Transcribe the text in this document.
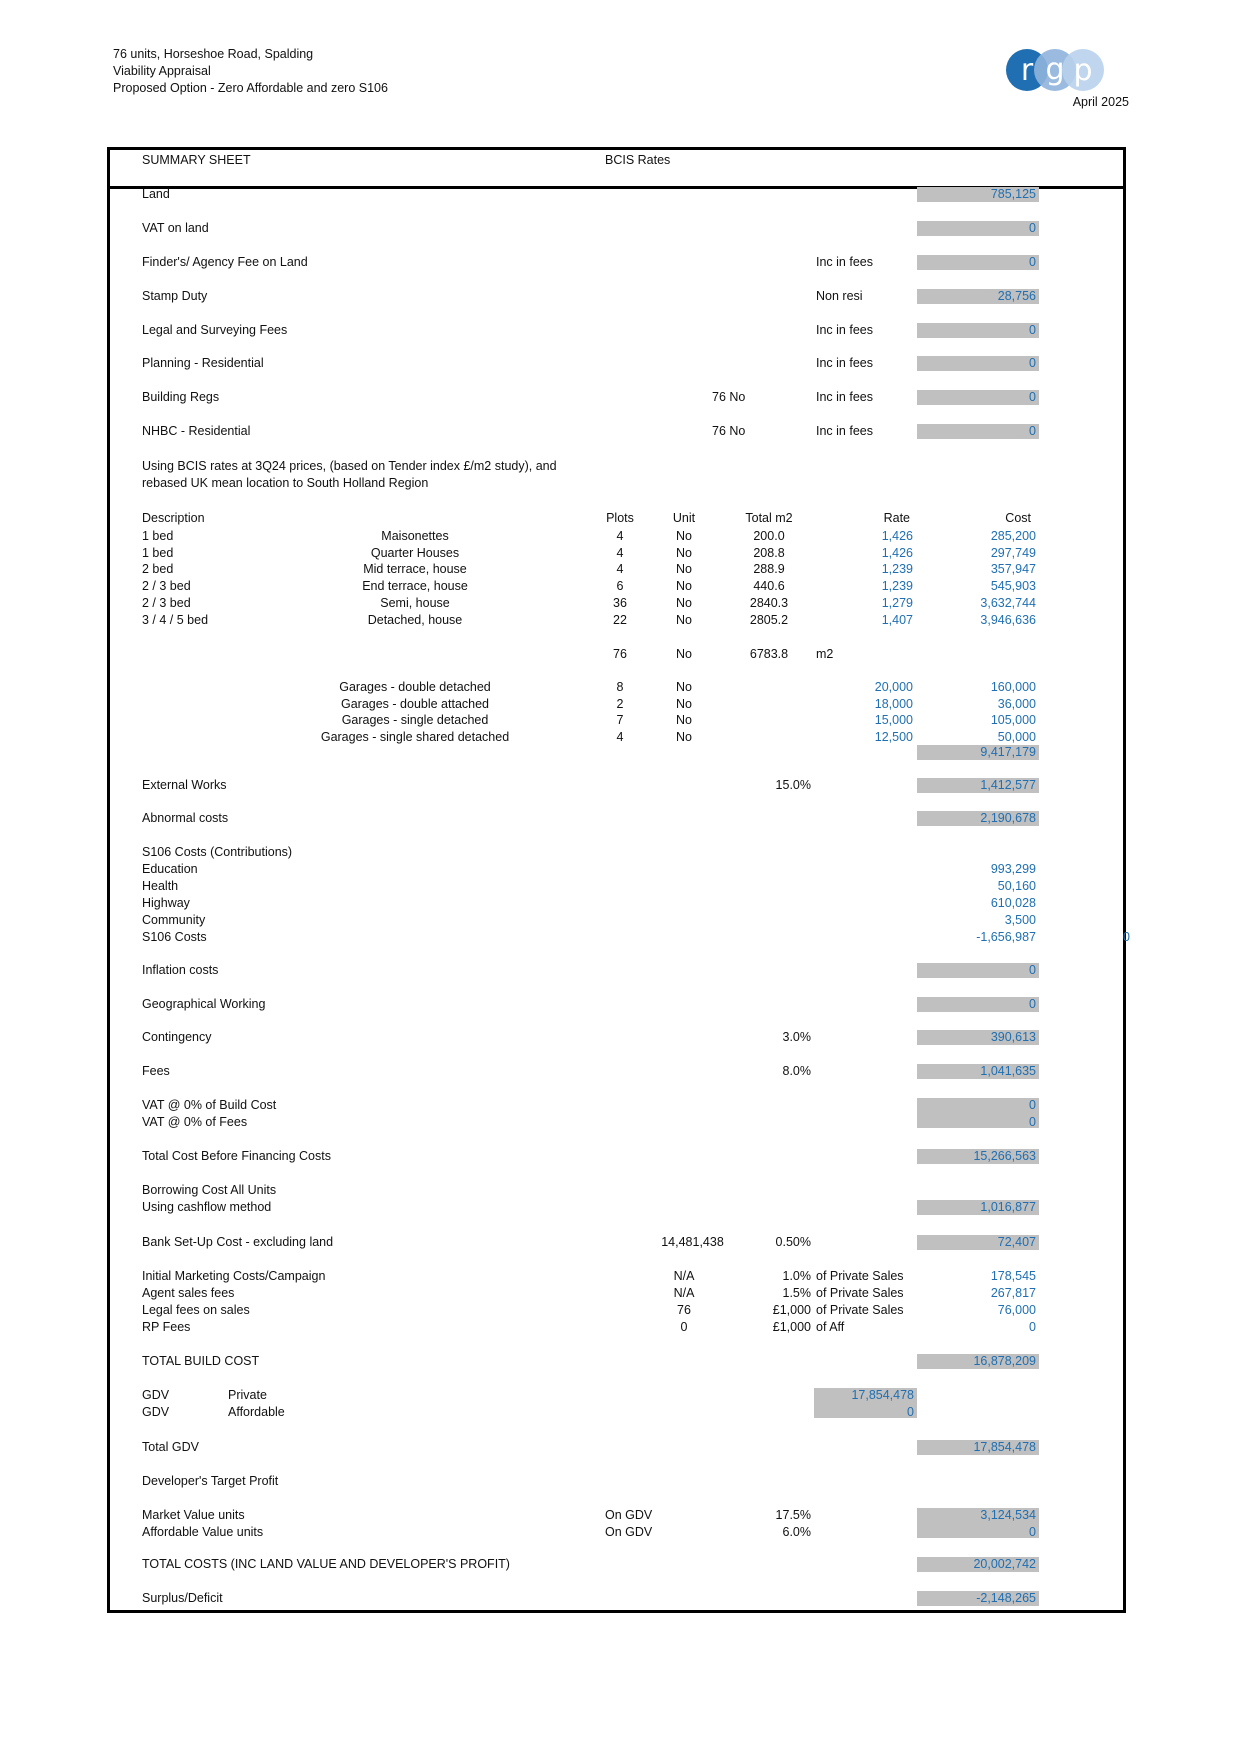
76 units, Horseshoe Road, Spalding
Viability Appraisal
Proposed Option - Zero Affordable and zero S106	r g p
April 2025
SUMMARY SHEET	BCIS Rates
Land	785,125
VAT on land	0
Finder's/ Agency Fee on Land	Inc in fees	0
Stamp Duty	Non resi	28,756
Legal and Surveying Fees	Inc in fees	0
Planning - Residential	Inc in fees	0
Building Regs	76 No	Inc in fees	0
NHBC - Residential	76 No	Inc in fees	0
Using BCIS rates at 3Q24 prices, (based on Tender index £/m2 study), and
rebased UK mean location to South Holland Region
Description	Plots	Unit	Total m2	Rate	Cost
1 bed	Maisonettes	4	No	200.0	1,426	285,200
1 bed	Quarter Houses	4	No	208.8	1,426	297,749
2 bed	Mid terrace, house	4	No	288.9	1,239	357,947
2 / 3 bed	End terrace, house	6	No	440.6	1,239	545,903
2 / 3 bed	Semi, house	36	No	2840.3	1,279	3,632,744
3 / 4 / 5 bed	Detached, house	22	No	2805.2	1,407	3,946,636
76	No	6783.8	m2
Garages - double detached	8	No	20,000	160,000
Garages - double attached	2	No	18,000	36,000
Garages - single detached	7	No	15,000	105,000
Garages - single shared detached	4	No	12,500	50,000
9,417,179
External Works	15.0%	1,412,577
Abnormal costs	2,190,678
S106 Costs (Contributions)
Education	993,299
Health	50,160
Highway	610,028
Community	3,500
S106 Costs	-1,656,987	0
Inflation costs	0
Geographical Working	0
Contingency	3.0%	390,613
Fees	8.0%	1,041,635
VAT @ 0% of Build Cost	0
VAT @ 0% of Fees	0
Total Cost Before Financing Costs	15,266,563
Borrowing Cost All Units
Using cashflow method	1,016,877
Bank Set-Up Cost - excluding land	0.50%	72,407
14,481,438
Initial Marketing Costs/Campaign	N/A	1.0% of Private Sales	178,545
Agent sales fees	N/A	1.5% of Private Sales	267,817
Legal fees on sales	76	£1,000 of Private Sales	76,000
RP Fees	0	£1,000 of Aff	0
TOTAL BUILD COST	16,878,209
GDV	Private	17,854,478
GDV	Affordable	0
Total GDV	17,854,478
Developer's Target Profit
Market Value units	On GDV	17.5%	3,124,534
Affordable Value units	On GDV	6.0%	0
TOTAL COSTS (INC LAND VALUE AND DEVELOPER'S PROFIT)	20,002,742
Surplus/Deficit	-2,148,265
